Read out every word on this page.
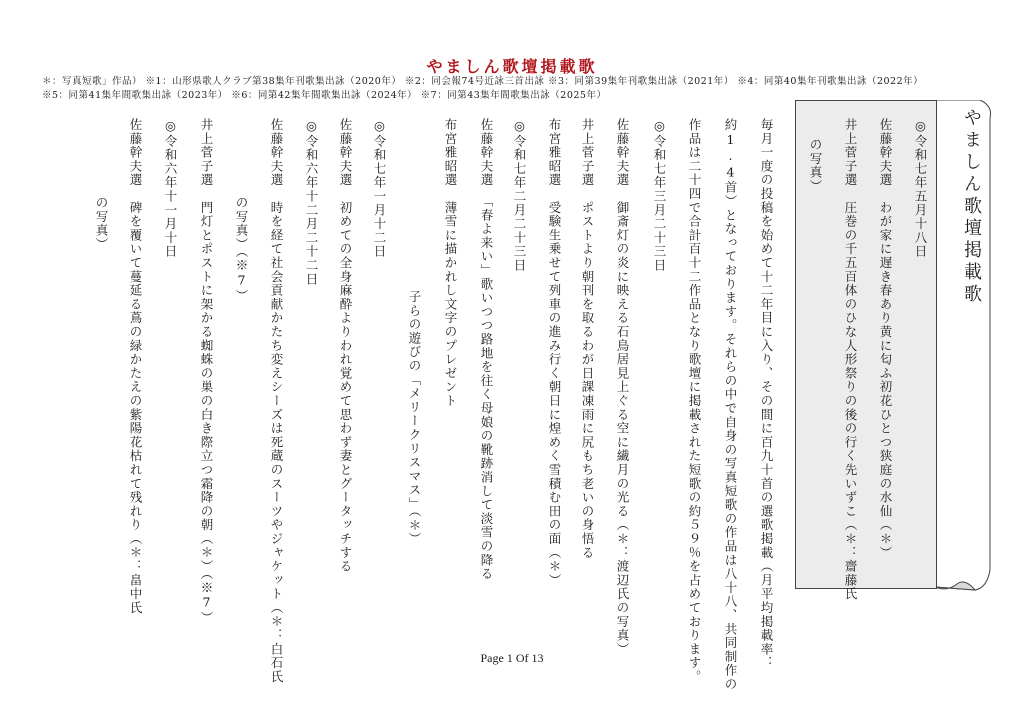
やましん歌壇掲載歌
＊：写真短歌」作品） ※1：山形県歌人クラブ第38集年刊歌集出詠（2020年） ※2：同会報74号近詠三首出詠 ※3：同第39集年刊歌集出詠（2021年） ※4：同第40集年刊歌集出詠（2022年）
※5：同第41集年間歌集出詠（2023年） ※6：同第42集年間歌集出詠（2024年） ※7：同第43集年間歌集出詠（2025年）
やましん歌壇掲載歌
◎令和七年五月十八日
佐藤幹夫選　わが家に遅き春あり黄に匂ふ初花ひとつ狭庭の水仙（＊）
井上菅子選　圧巻の千五百体のひな人形祭りの後の行く先いずこ（＊：齋藤氏
の写真）
毎月一度の投稿を始めて十二年目に入り、その間に百九十首の選歌掲載（月平均掲載率：
約1.4首）となっております。それらの中で自身の写真短歌の作品は八十八、共同制作の
作品は二十四で合計百十二作品となり歌壇に掲載された短歌の約５９％を占めております。
◎令和七年三月二十三日
佐藤幹夫選　御斎灯の炎に映える石鳥居見上ぐる空に繊月の光る（＊：渡辺氏の写真）
井上菅子選　ポストより朝刊を取るわが日課凍雨に尻もち老いの身悟る
布宮雅昭選　受験生乗せて列車の進み行く朝日に煌めく雪積む田の面（＊）
◎令和七年二月二十三日
佐藤幹夫選　「春よ来い」歌いつつ路地を往く母娘の靴跡消して淡雪の降る
布宮雅昭選　薄雪に描かれし文字のプレゼント
子らの遊びの「メリークリスマス」（＊）
◎令和七年一月十二日
佐藤幹夫選　初めての全身麻酔よりわれ覚めて思わず妻とグータッチする
◎令和六年十二月二十二日
佐藤幹夫選　時を経て社会貢献かたち変えシーズは死蔵のスーツやジャケット（＊：白石氏
の写真）（※7）
井上菅子選　門灯とポストに架かる蜘蛛の巣の白き際立つ霜降の朝（＊）（※7）
◎令和六年十一月十日
佐藤幹夫選　碑を覆いて蔓延る蔦の緑かたえの紫陽花枯れて残れり（＊：畠中氏
の写真）
Page 1 Of 13
